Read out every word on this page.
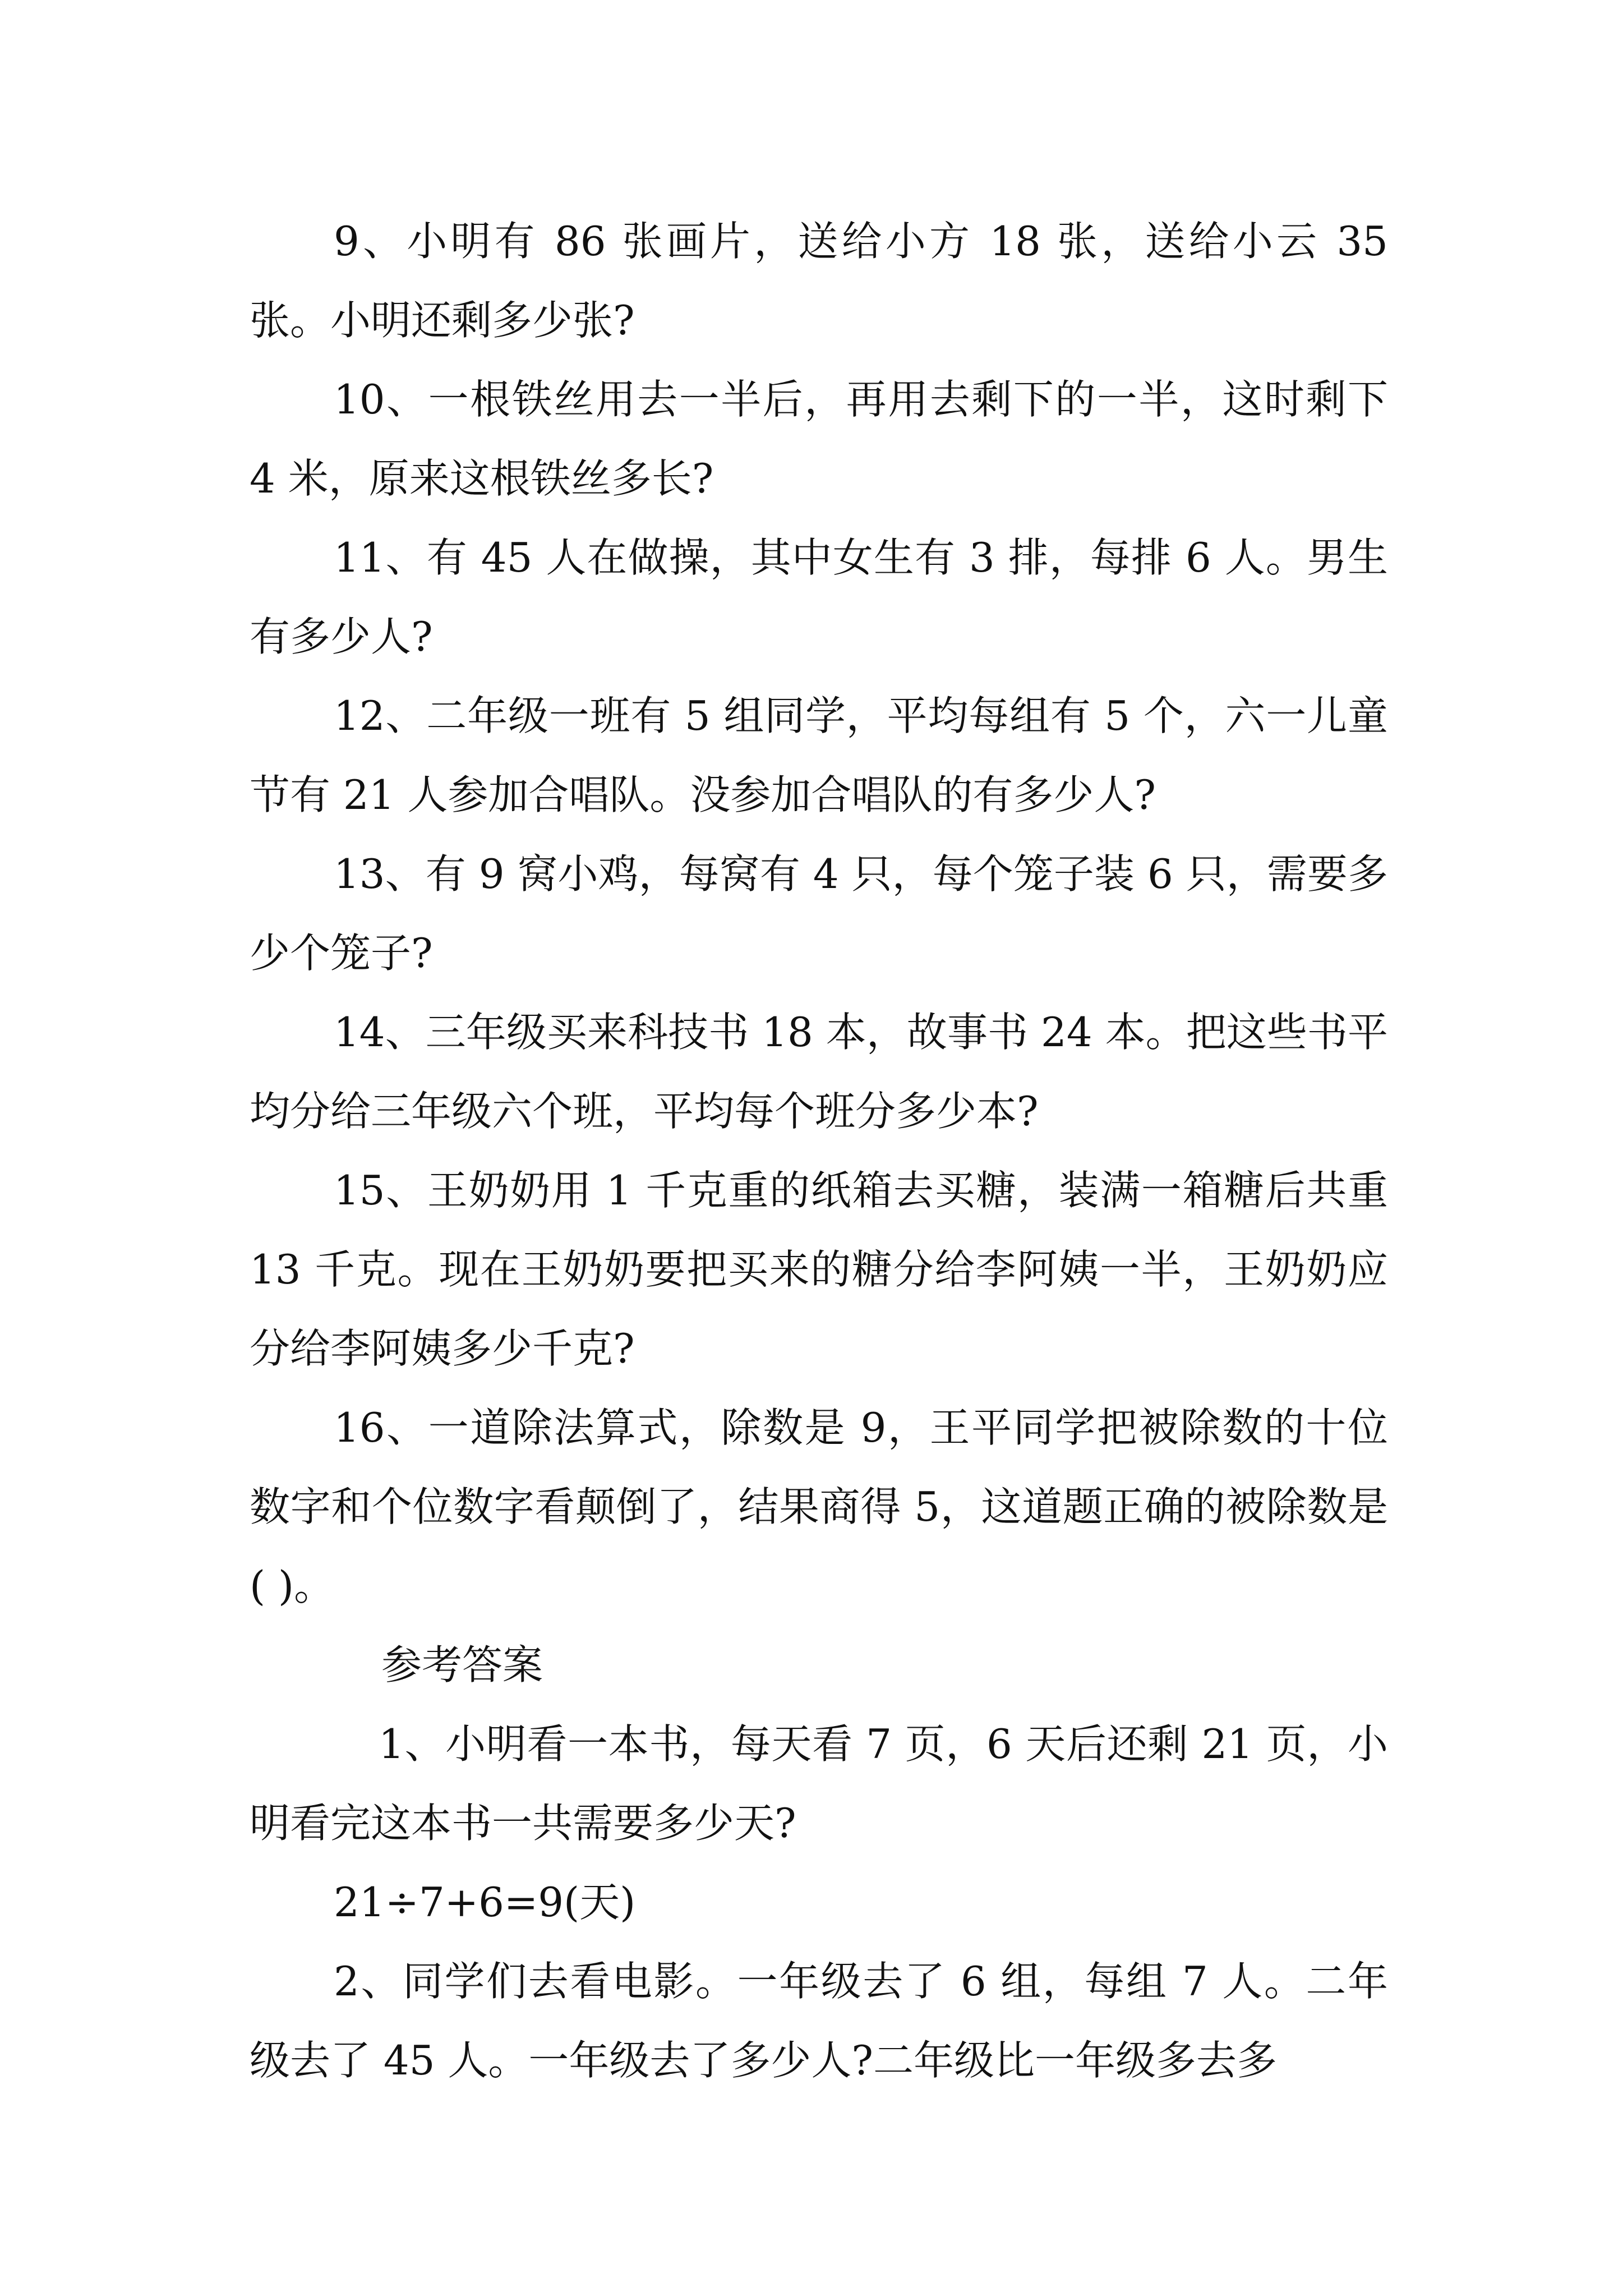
9、小明有 86 张画片，送给小方 18 张，送给小云 35 张。小明还剩多少张?

10、一根铁丝用去一半后，再用去剩下的一半，这时剩下 4 米，原来这根铁丝多长?

11、有 45 人在做操，其中女生有 3 排，每排 6 人。男生有多少人?

12、二年级一班有 5 组同学，平均每组有 5 个，六一儿童节有 21 人参加合唱队。没参加合唱队的有多少人?

13、有 9 窝小鸡，每窝有 4 只，每个笼子装 6 只，需要多少个笼子?

14、三年级买来科技书 18 本，故事书 24 本。把这些书平均分给三年级六个班，平均每个班分多少本?

15、王奶奶用 1 千克重的纸箱去买糖，装满一箱糖后共重 13 千克。现在王奶奶要把买来的糖分给李阿姨一半，王奶奶应分给李阿姨多少千克?

16、一道除法算式，除数是 9，王平同学把被除数的十位数字和个位数字看颠倒了，结果商得 5，这道题正确的被除数是( )。

参考答案

1、小明看一本书，每天看 7 页，6 天后还剩 21 页，小明看完这本书一共需要多少天?

21÷7+6=9(天)

2、同学们去看电影。一年级去了 6 组，每组 7 人。二年级去了 45 人。一年级去了多少人?二年级比一年级多去多
